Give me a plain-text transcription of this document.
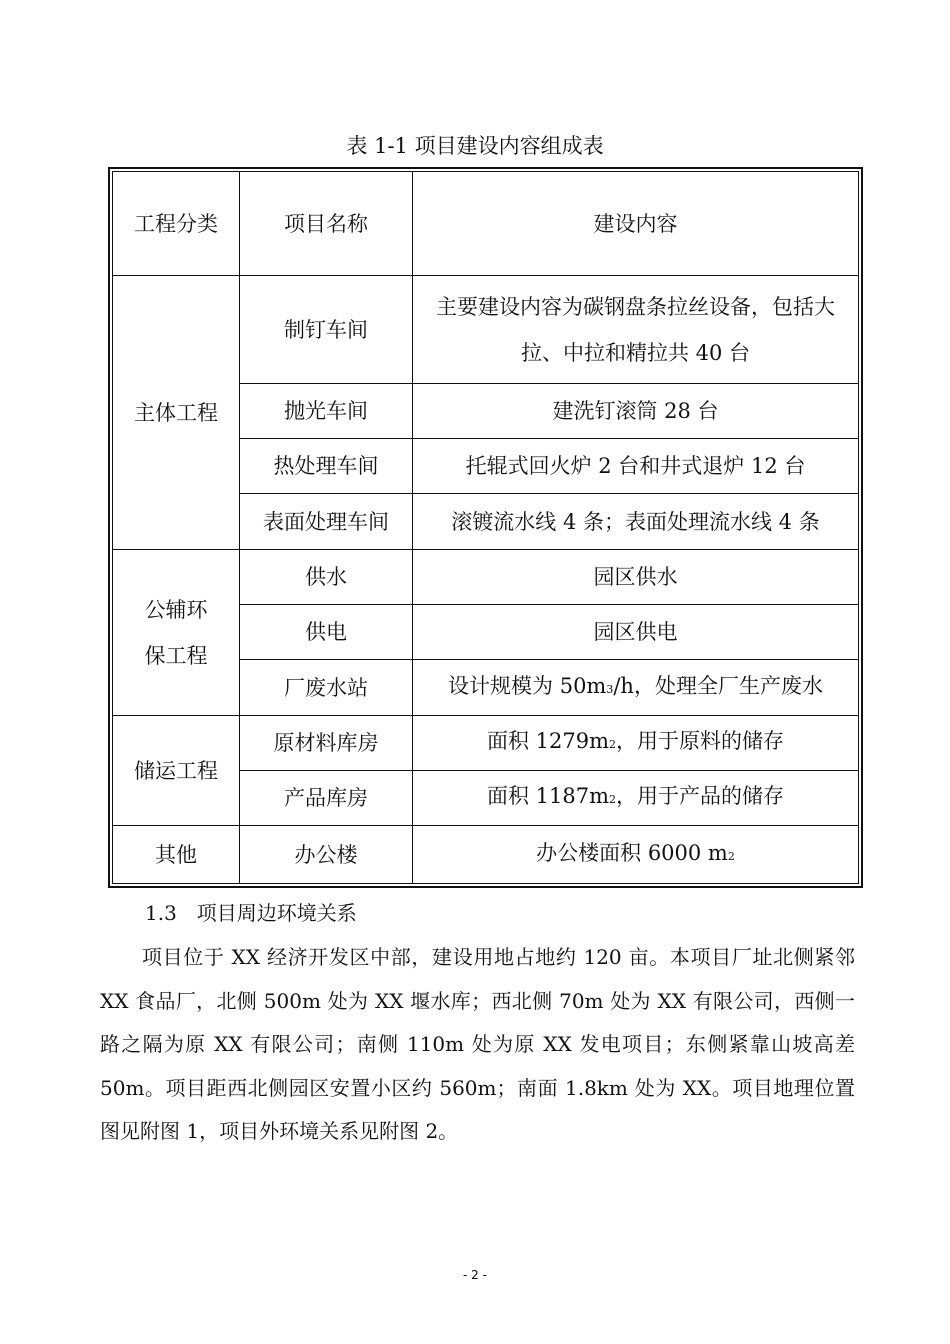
表 1-1 项目建设内容组成表
工程分类	项目名称	建设内容
主体工程	制钉车间	主要建设内容为碳钢盘条拉丝设备，包括大拉、中拉和精拉共 40 台
	抛光车间	建洗钉滚筒 28 台
	热处理车间	托辊式回火炉 2 台和井式退炉 12 台
	表面处理车间	滚镀流水线 4 条；表面处理流水线 4 条
公辅环保工程	供水	园区供水
	供电	园区供电
	厂废水站	设计规模为 50m3/h，处理全厂生产废水
储运工程	原材料库房	面积 1279m2，用于原料的储存
	产品库房	面积 1187m2，用于产品的储存
其他	办公楼	办公楼面积 6000 m2
1.3　项目周边环境关系
项目位于 XX 经济开发区中部，建设用地占地约 120 亩。本项目厂址北侧紧邻 XX 食品厂，北侧 500m 处为 XX 堰水库；西北侧 70m 处为 XX 有限公司，西侧一路之隔为原 XX 有限公司；南侧 110m 处为原 XX 发电项目；东侧紧靠山坡高差 50m。项目距西北侧园区安置小区约 560m；南面 1.8km 处为 XX。项目地理位置图见附图 1，项目外环境关系见附图 2。
- 2 -
